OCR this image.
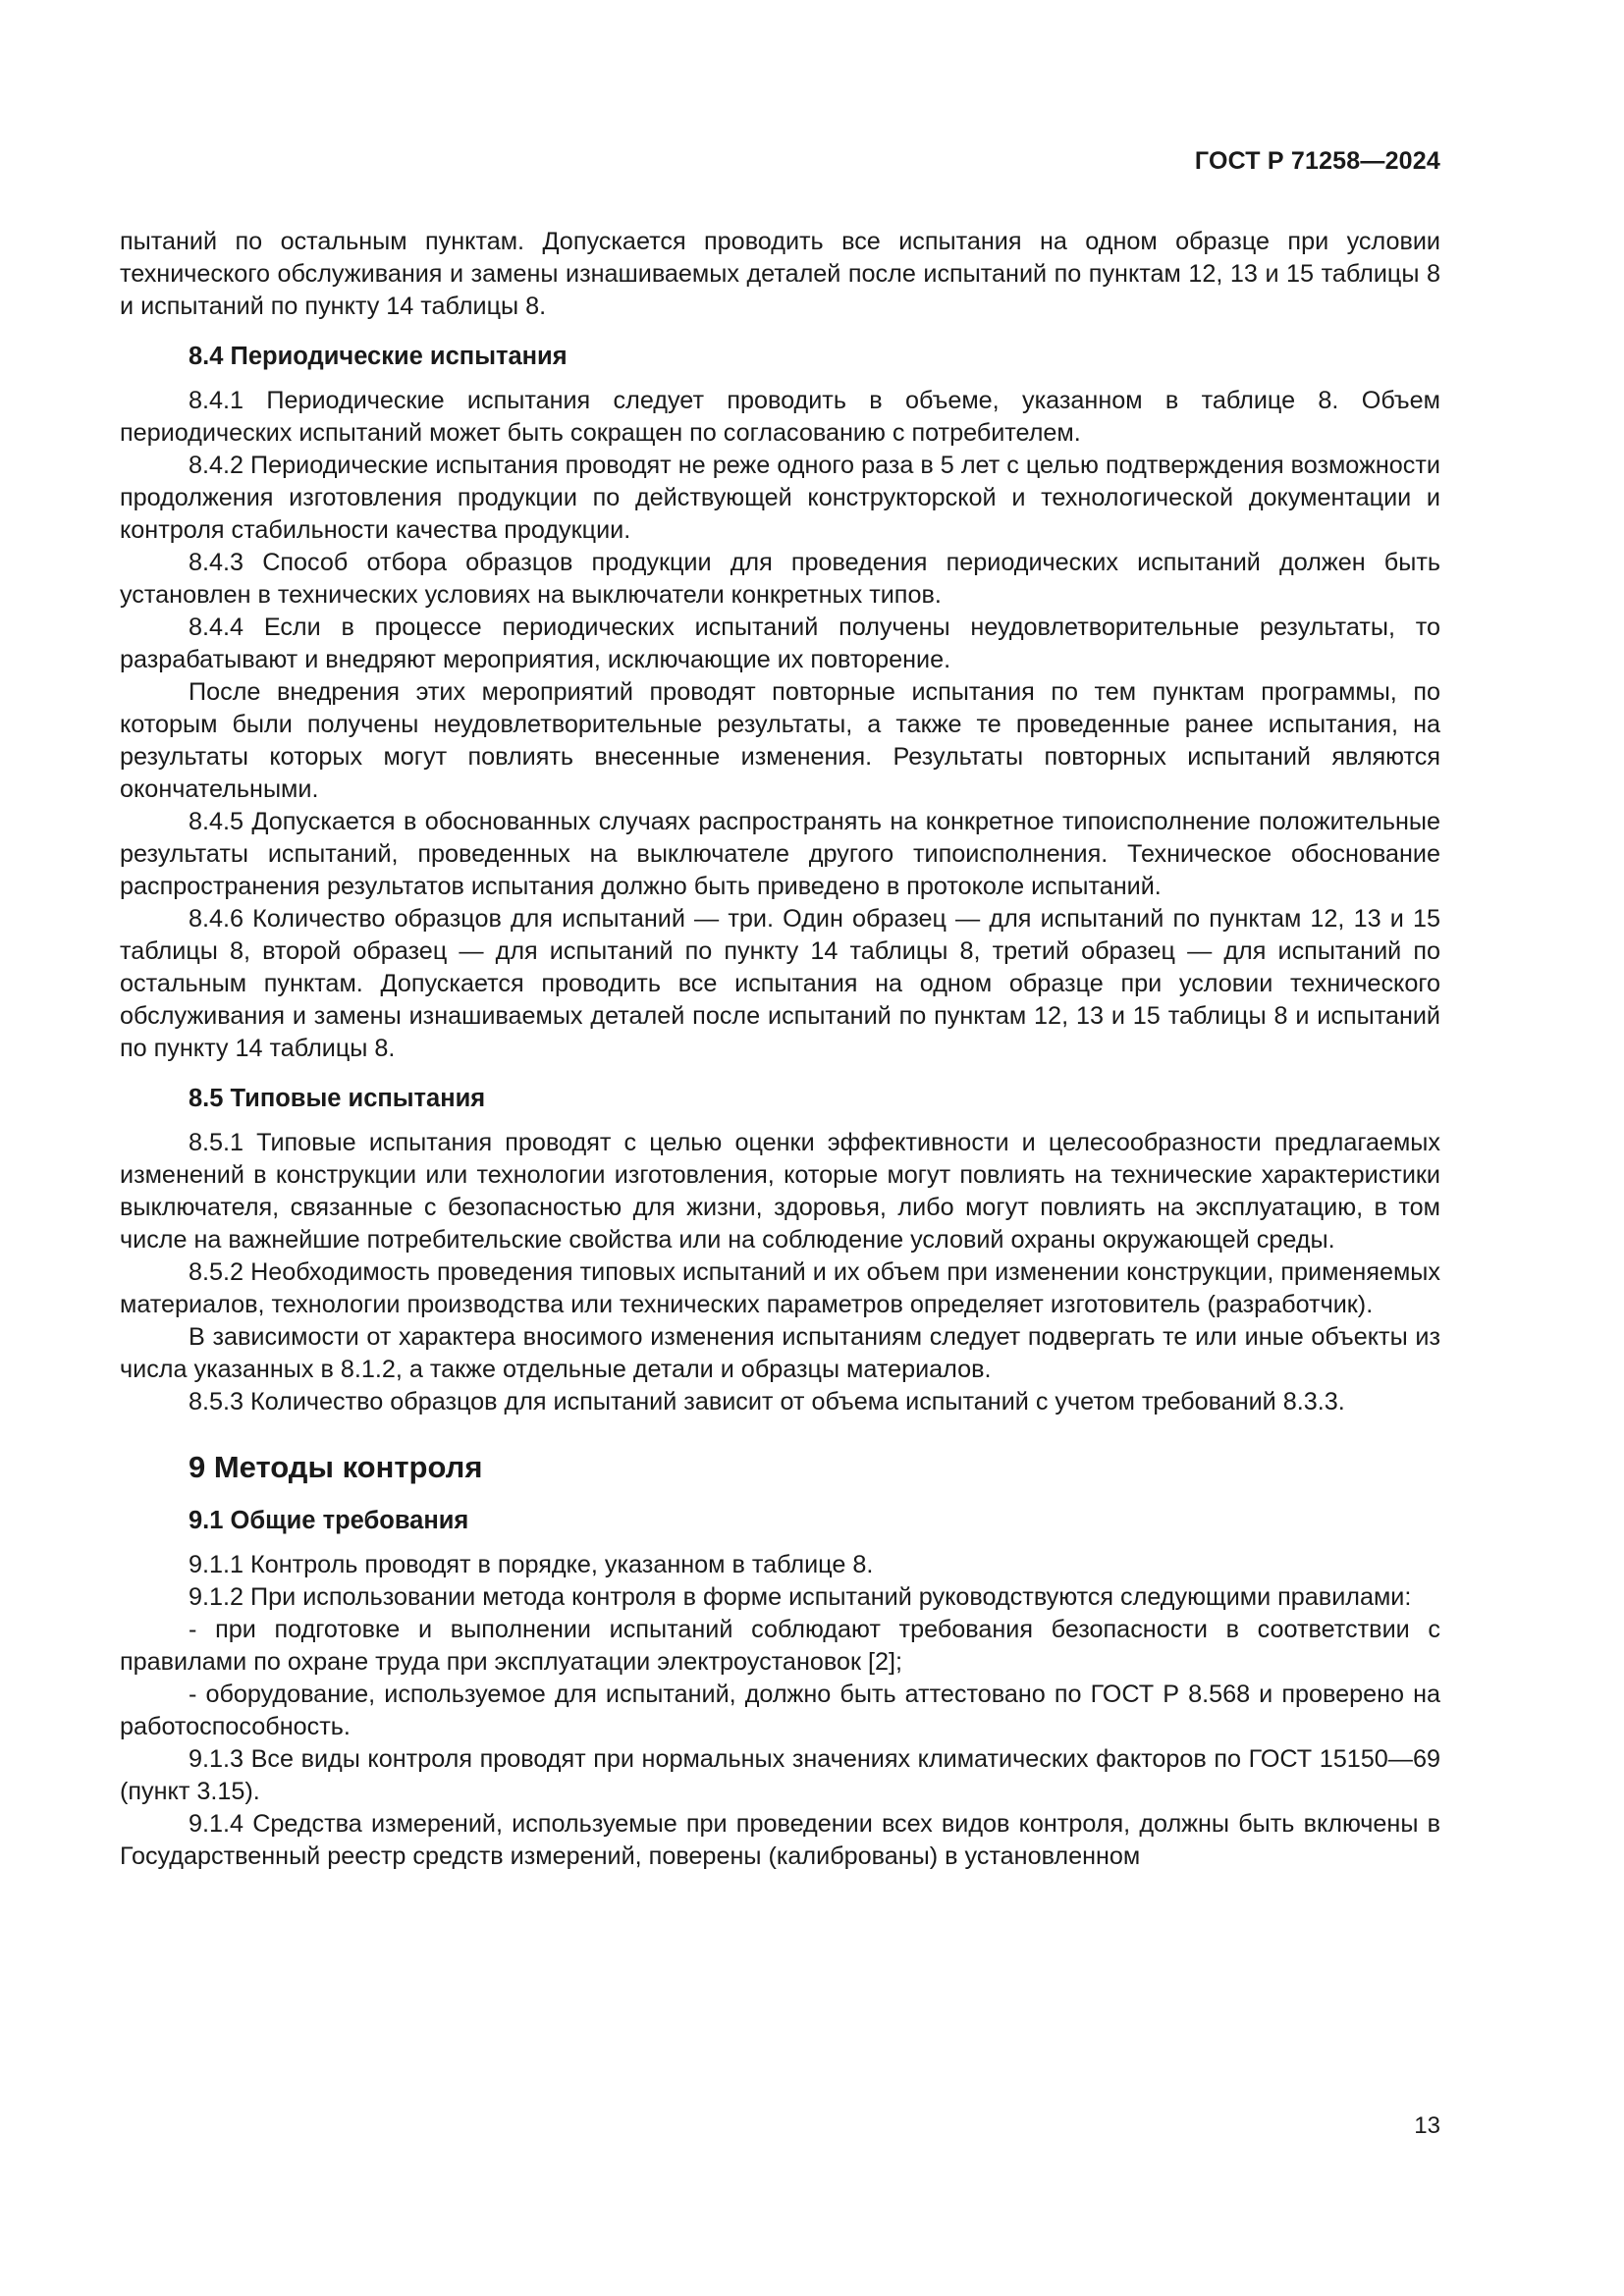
ГОСТ Р 71258—2024

пытаний по остальным пунктам. Допускается проводить все испытания на одном образце при условии технического обслуживания и замены изнашиваемых деталей после испытаний по пунктам 12, 13 и 15 таблицы 8 и испытаний по пункту 14 таблицы 8.

8.4 Периодические испытания

8.4.1 Периодические испытания следует проводить в объеме, указанном в таблице 8. Объем периодических испытаний может быть сокращен по согласованию с потребителем.

8.4.2 Периодические испытания проводят не реже одного раза в 5 лет с целью подтверждения возможности продолжения изготовления продукции по действующей конструкторской и технологической документации и контроля стабильности качества продукции.

8.4.3 Способ отбора образцов продукции для проведения периодических испытаний должен быть установлен в технических условиях на выключатели конкретных типов.

8.4.4 Если в процессе периодических испытаний получены неудовлетворительные результаты, то разрабатывают и внедряют мероприятия, исключающие их повторение.

После внедрения этих мероприятий проводят повторные испытания по тем пунктам программы, по которым были получены неудовлетворительные результаты, а также те проведенные ранее испытания, на результаты которых могут повлиять внесенные изменения. Результаты повторных испытаний являются окончательными.

8.4.5 Допускается в обоснованных случаях распространять на конкретное типоисполнение положительные результаты испытаний, проведенных на выключателе другого типоисполнения. Техническое обоснование распространения результатов испытания должно быть приведено в протоколе испытаний.

8.4.6 Количество образцов для испытаний — три. Один образец — для испытаний по пунктам 12, 13 и 15 таблицы 8, второй образец — для испытаний по пункту 14 таблицы 8, третий образец — для испытаний по остальным пунктам. Допускается проводить все испытания на одном образце при условии технического обслуживания и замены изнашиваемых деталей после испытаний по пунктам 12, 13 и 15 таблицы 8 и испытаний по пункту 14 таблицы 8.

8.5 Типовые испытания

8.5.1 Типовые испытания проводят с целью оценки эффективности и целесообразности предлагаемых изменений в конструкции или технологии изготовления, которые могут повлиять на технические характеристики выключателя, связанные с безопасностью для жизни, здоровья, либо могут повлиять на эксплуатацию, в том числе на важнейшие потребительские свойства или на соблюдение условий охраны окружающей среды.

8.5.2 Необходимость проведения типовых испытаний и их объем при изменении конструкции, применяемых материалов, технологии производства или технических параметров определяет изготовитель (разработчик).

В зависимости от характера вносимого изменения испытаниям следует подвергать те или иные объекты из числа указанных в 8.1.2, а также отдельные детали и образцы материалов.

8.5.3 Количество образцов для испытаний зависит от объема испытаний с учетом требований 8.3.3.

9 Методы контроля
9.1 Общие требования

9.1.1 Контроль проводят в порядке, указанном в таблице 8.

9.1.2 При использовании метода контроля в форме испытаний руководствуются следующими правилами:

- при подготовке и выполнении испытаний соблюдают требования безопасности в соответствии с правилами по охране труда при эксплуатации электроустановок [2];

- оборудование, используемое для испытаний, должно быть аттестовано по ГОСТ Р 8.568 и проверено на работоспособность.

9.1.3 Все виды контроля проводят при нормальных значениях климатических факторов по ГОСТ 15150—69 (пункт 3.15).

9.1.4 Средства измерений, используемые при проведении всех видов контроля, должны быть включены в Государственный реестр средств измерений, поверены (калиброваны) в установленном

13
